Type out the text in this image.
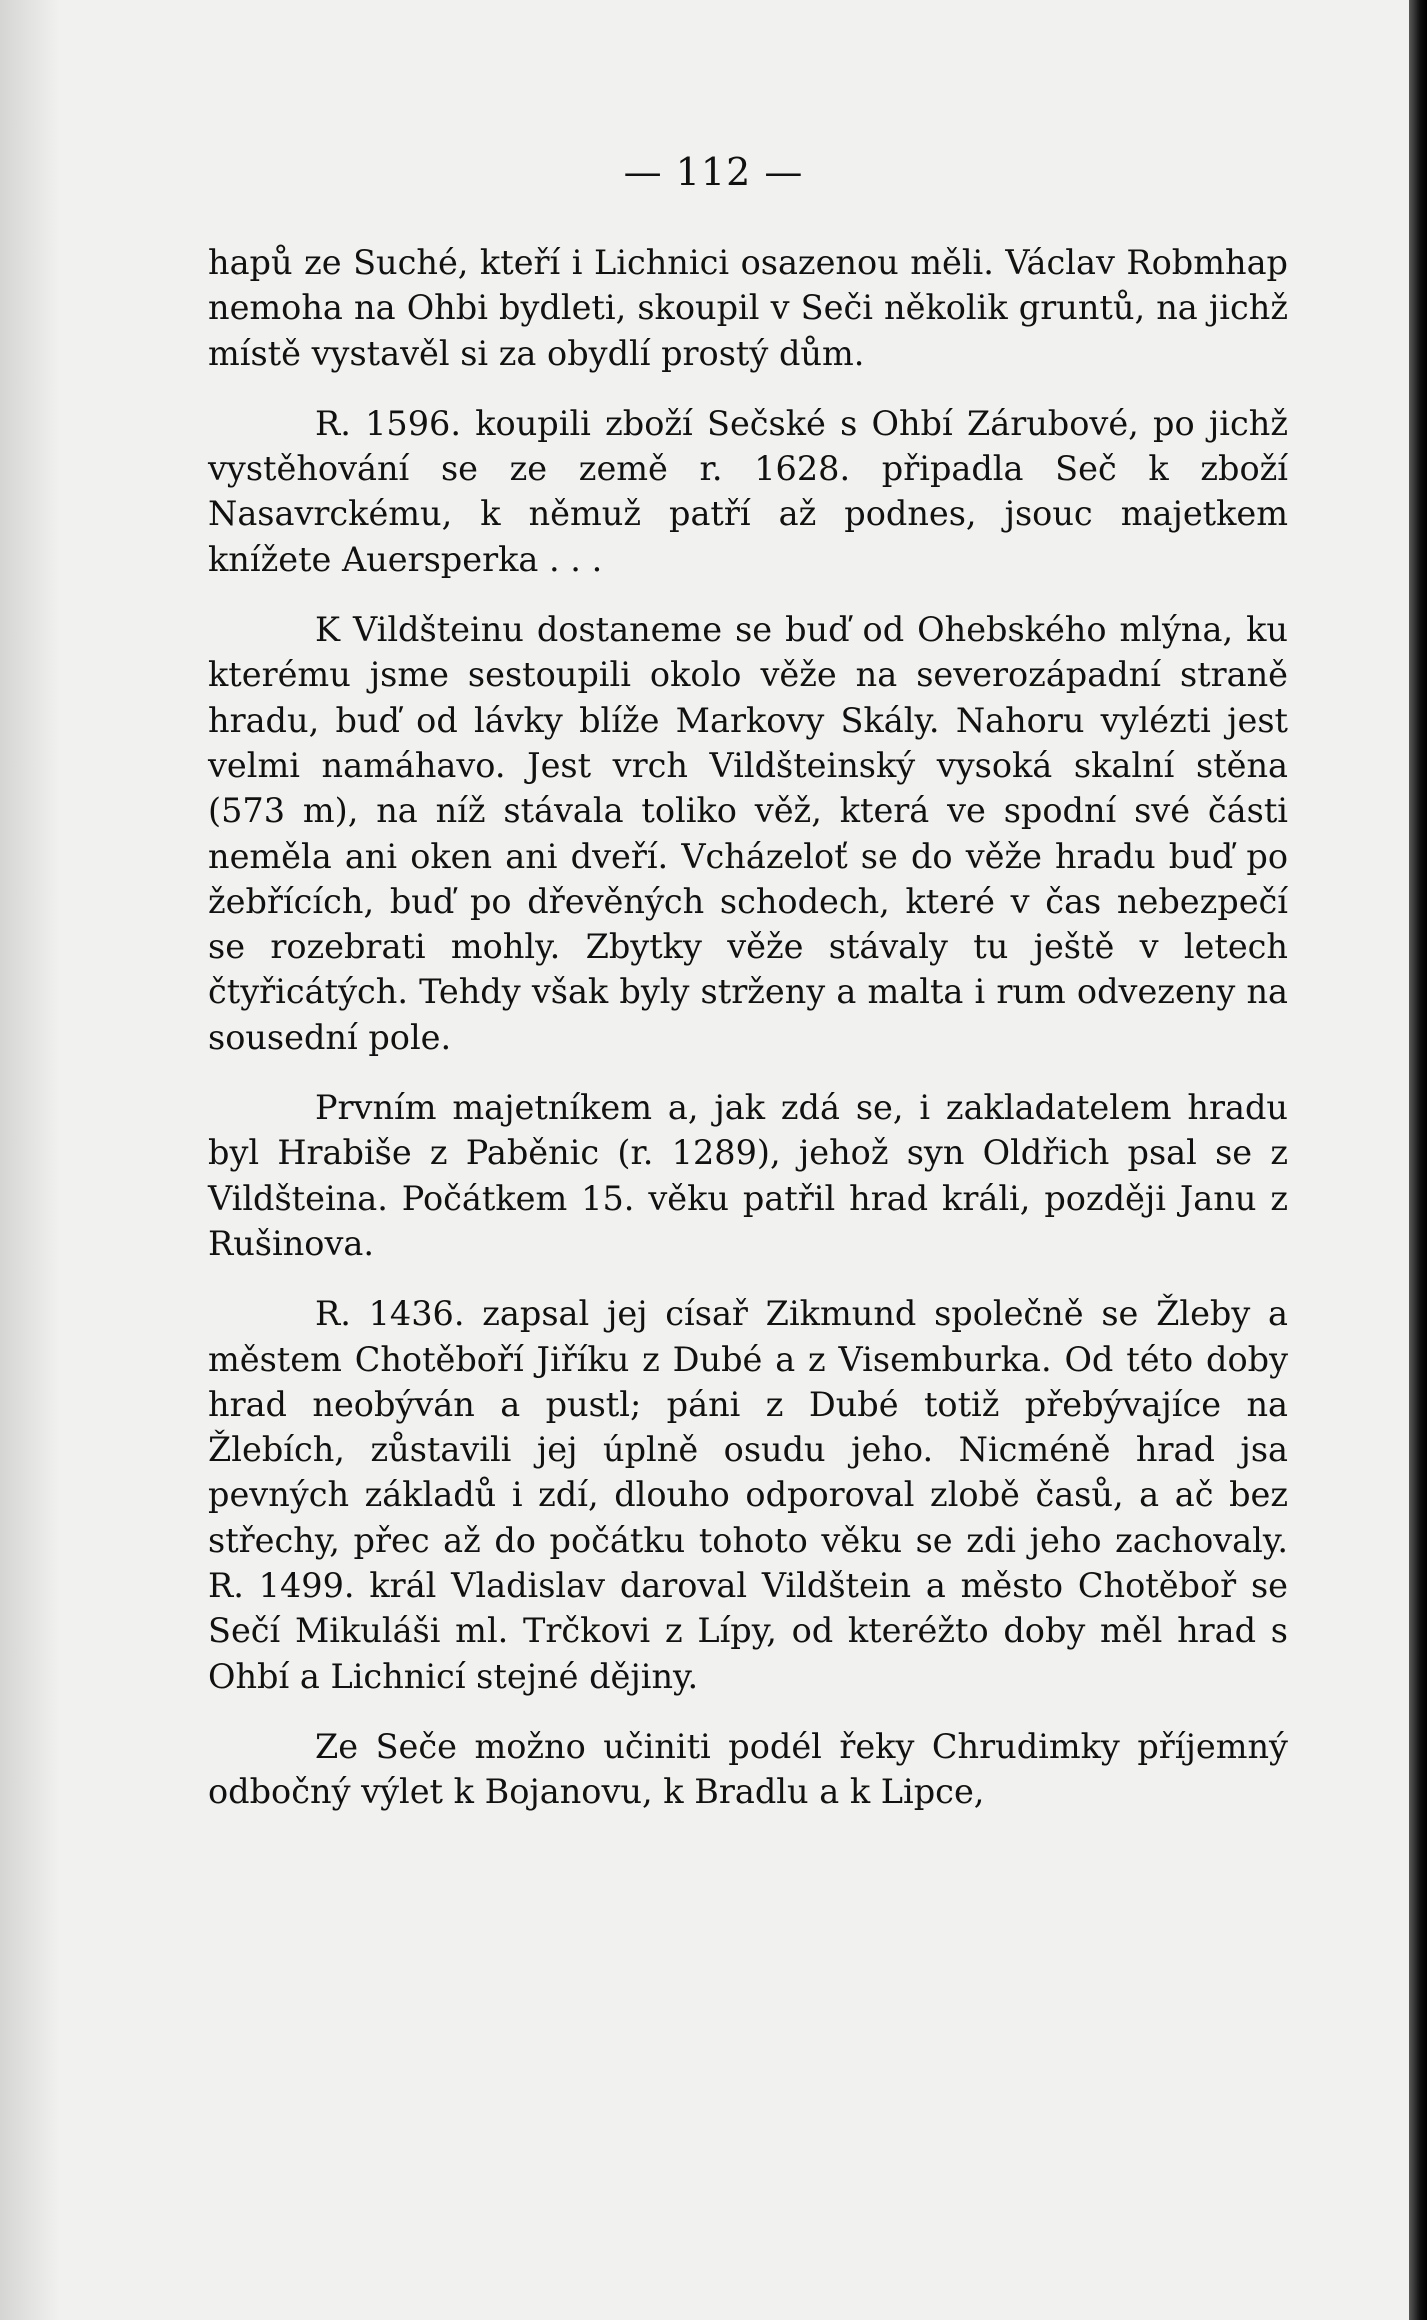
— 112 —

hapů ze Suché, kteří i Lichnici osazenou měli. Václav Robmhap nemoha na Ohbi bydleti, skoupil v Seči několik gruntů, na jichž místě vystavěl si za obydlí prostý dům.

R. 1596. koupili zboží Sečské s Ohbí Zárubové, po jichž vystěhování se ze země r. 1628. připadla Seč k zboží Nasavrckému, k němuž patří až podnes, jsouc majetkem knížete Auersperka . . .

K Vildšteinu dostaneme se buď od Ohebského mlýna, ku kterému jsme sestoupili okolo věže na severozápadní straně hradu, buď od lávky blíže Markovy Skály. Nahoru vylézti jest velmi namáhavo. Jest vrch Vildšteinský vysoká skalní stěna (573 m), na níž stávala toliko věž, která ve spodní své části neměla ani oken ani dveří. Vcházeloť se do věže hradu buď po žebřících, buď po dřevěných schodech, které v čas nebezpečí se rozebrati mohly. Zbytky věže stávaly tu ještě v letech čtyřicátých. Tehdy však byly strženy a malta i rum odvezeny na sousední pole.

Prvním majetníkem a, jak zdá se, i zakladatelem hradu byl Hrabiše z Paběnic (r. 1289), jehož syn Oldřich psal se z Vildšteina. Počátkem 15. věku patřil hrad králi, později Janu z Rušinova.

R. 1436. zapsal jej císař Zikmund společně se Žleby a městem Chotěboří Jiříku z Dubé a z Visemburka. Od této doby hrad neobýván a pustl; páni z Dubé totiž přebývajíce na Žlebích, zůstavili jej úplně osudu jeho. Nicméně hrad jsa pevných základů i zdí, dlouho odporoval zlobě časů, a ač bez střechy, přec až do počátku tohoto věku se zdi jeho zachovaly. R. 1499. král Vladislav daroval Vildštein a město Chotěboř se Sečí Mikuláši ml. Trčkovi z Lípy, od kteréžto doby měl hrad s Ohbí a Lichnicí stejné dějiny.

Ze Seče možno učiniti podél řeky Chrudimky příjemný odbočný výlet k Bojanovu, k Bradlu a k Lipce,
